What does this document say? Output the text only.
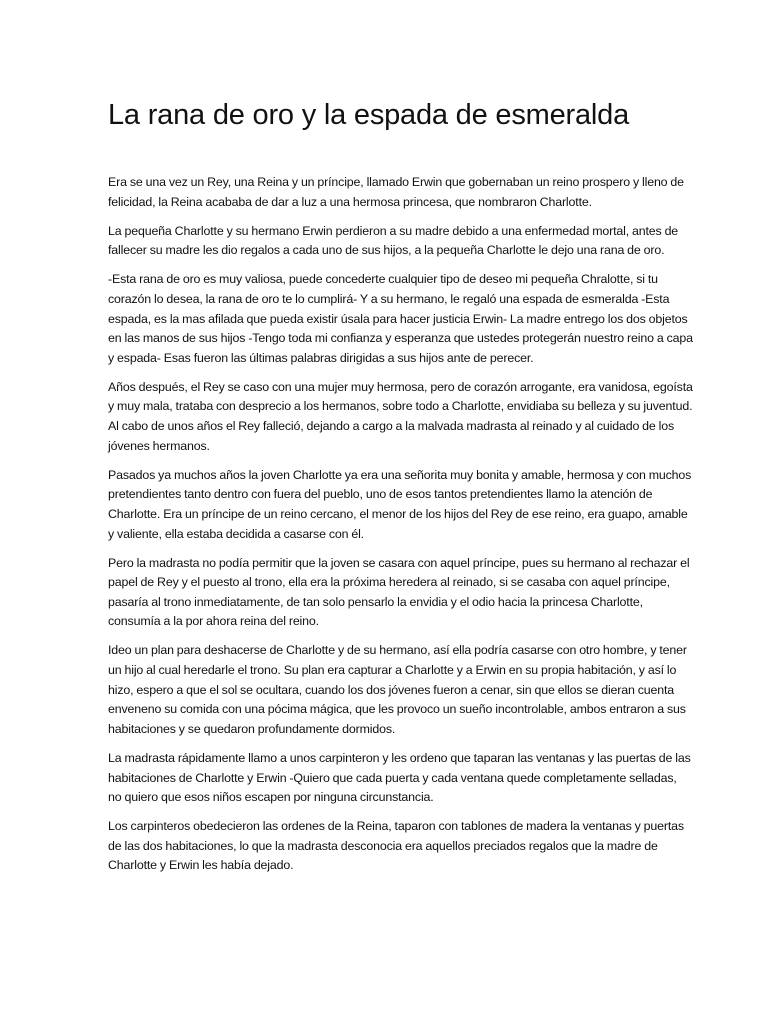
La rana de oro y la espada de esmeralda

Era se una vez un Rey, una Reina y un príncipe, llamado Erwin que gobernaban un reino prospero y lleno de felicidad, la Reina acababa de dar a luz a una hermosa princesa, que nombraron Charlotte.

La pequeña Charlotte y su hermano Erwin perdieron a su madre debido a una enfermedad mortal, antes de fallecer su madre les dio regalos a cada uno de sus hijos, a la pequeña Charlotte le dejo una rana de oro.

-Esta rana de oro es muy valiosa, puede concederte cualquier tipo de deseo mi pequeña Chralotte, si tu corazón lo desea, la rana de oro te lo cumplirá- Y a su hermano, le regaló una espada de esmeralda -Esta espada, es la mas afilada que pueda existir úsala para hacer justicia Erwin- La madre entrego los dos objetos en las manos de sus hijos -Tengo toda mi confianza y esperanza que ustedes protegerán nuestro reino a capa y espada- Esas fueron las últimas palabras dirigidas a sus hijos ante de perecer.

Años después, el Rey se caso con una mujer muy hermosa, pero de corazón arrogante, era vanidosa, egoísta y muy mala, trataba con desprecio a los hermanos, sobre todo a Charlotte, envidiaba su belleza y su juventud. Al cabo de unos años el Rey falleció, dejando a cargo a la malvada madrasta al reinado y al cuidado de los jóvenes hermanos.

Pasados ya muchos años la joven Charlotte ya era una señorita muy bonita y amable, hermosa y con muchos pretendientes tanto dentro con fuera del pueblo, uno de esos tantos pretendientes llamo la atención de Charlotte. Era un príncipe de un reino cercano, el menor de los hijos del Rey de ese reino, era guapo, amable y valiente, ella estaba decidida a casarse con él.

Pero la madrasta no podía permitir que la joven se casara con aquel príncipe, pues su hermano al rechazar el papel de Rey y el puesto al trono, ella era la próxima heredera al reinado, si se casaba con aquel príncipe, pasaría al trono inmediatamente, de tan solo pensarlo la envidia y el odio hacia la princesa Charlotte, consumía a la por ahora reina del reino.

Ideo un plan para deshacerse de Charlotte y de su hermano, así ella podría casarse con otro hombre, y tener un hijo al cual heredarle el trono. Su plan era capturar a Charlotte y a Erwin en su propia habitación, y así lo hizo, espero a que el sol se ocultara, cuando los dos jóvenes fueron a cenar, sin que ellos se dieran cuenta enveneno su comida con una pócima mágica, que les provoco un sueño incontrolable, ambos entraron a sus habitaciones y se quedaron profundamente dormidos.

La madrasta rápidamente llamo a unos carpinteron y les ordeno que taparan las ventanas y las puertas de las habitaciones de Charlotte y Erwin -Quiero que cada puerta y cada ventana quede completamente selladas, no quiero que esos niños escapen por ninguna circunstancia.

Los carpinteros obedecieron las ordenes de la Reina, taparon con tablones de madera la ventanas y puertas de las dos habitaciones, lo que la madrasta desconocia era aquellos preciados regalos que la madre de Charlotte y Erwin les había dejado.
